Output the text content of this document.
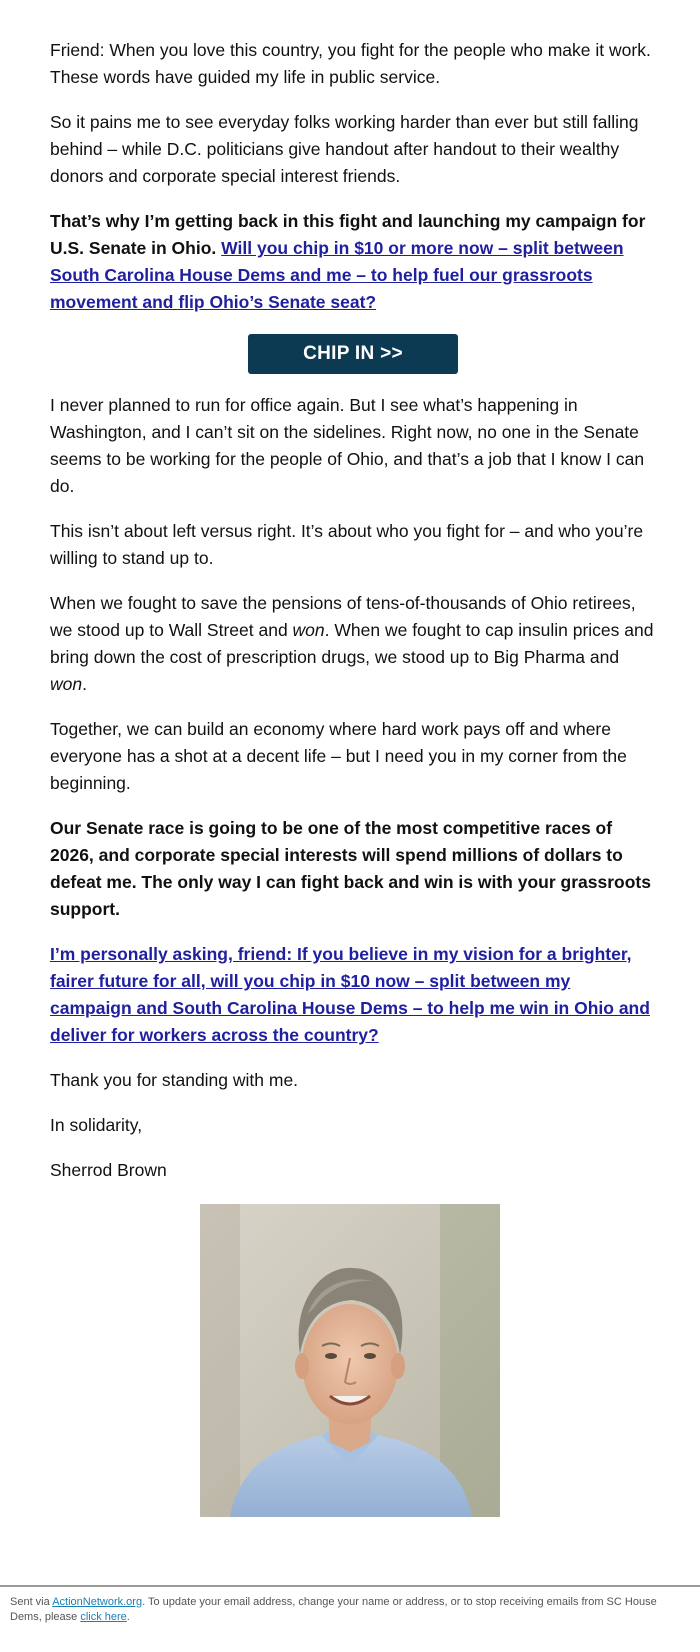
Friend: When you love this country, you fight for the people who make it work. These words have guided my life in public service.

So it pains me to see everyday folks working harder than ever but still falling behind – while D.C. politicians give handout after handout to their wealthy donors and corporate special interest friends.

That’s why I’m getting back in this fight and launching my campaign for U.S. Senate in Ohio. Will you chip in $10 or more now – split between South Carolina House Dems and me – to help fuel our grassroots movement and flip Ohio’s Senate seat?

CHIP IN >>

I never planned to run for office again. But I see what’s happening in Washington, and I can’t sit on the sidelines. Right now, no one in the Senate seems to be working for the people of Ohio, and that’s a job that I know I can do.

This isn’t about left versus right. It’s about who you fight for – and who you’re willing to stand up to.

When we fought to save the pensions of tens-of-thousands of Ohio retirees, we stood up to Wall Street and won. When we fought to cap insulin prices and bring down the cost of prescription drugs, we stood up to Big Pharma and won.

Together, we can build an economy where hard work pays off and where everyone has a shot at a decent life – but I need you in my corner from the beginning.

Our Senate race is going to be one of the most competitive races of 2026, and corporate special interests will spend millions of dollars to defeat me. The only way I can fight back and win is with your grassroots support.

I’m personally asking, friend: If you believe in my vision for a brighter, fairer future for all, will you chip in $10 now – split between my campaign and South Carolina House Dems – to help me win in Ohio and deliver for workers across the country?

Thank you for standing with me.

In solidarity,

Sherrod Brown

Sent via ActionNetwork.org. To update your email address, change your name or address, or to stop receiving emails from SC House Dems, please click here.
